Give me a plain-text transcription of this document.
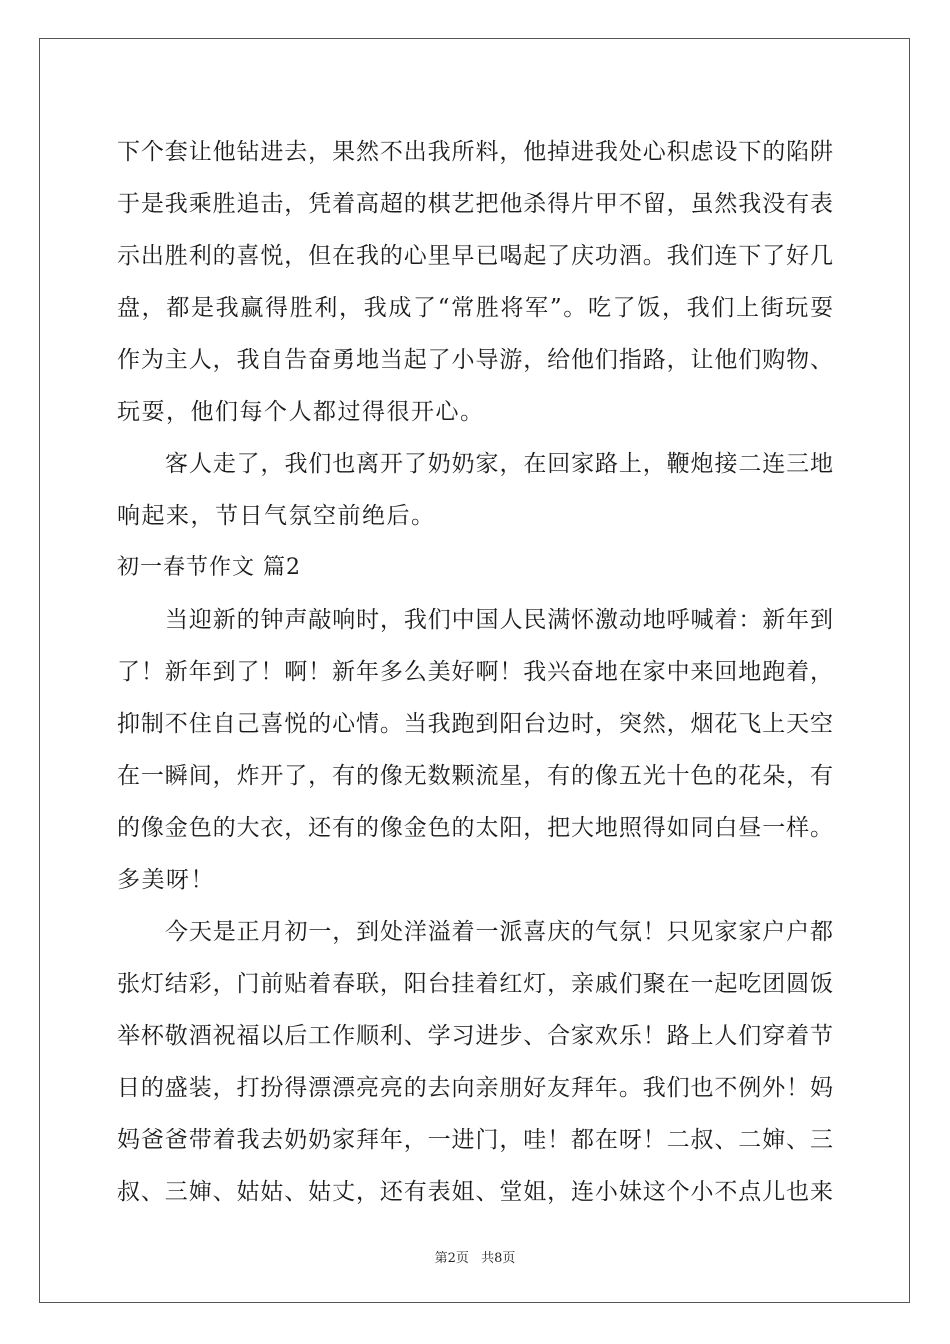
下个套让他钻进去，果然不出我所料，他掉进我处心积虑设下的陷阱
于是我乘胜追击，凭着高超的棋艺把他杀得片甲不留，虽然我没有表
示出胜利的喜悦，但在我的心里早已喝起了庆功酒。我们连下了好几
盘，都是我赢得胜利，我成了“常胜将军”。吃了饭，我们上街玩耍
作为主人，我自告奋勇地当起了小导游，给他们指路，让他们购物、
玩耍，他们每个人都过得很开心。
客人走了，我们也离开了奶奶家，在回家路上，鞭炮接二连三地
响起来，节日气氛空前绝后。
初一春节作文 篇2
当迎新的钟声敲响时，我们中国人民满怀激动地呼喊着：新年到
了！新年到了！啊！新年多么美好啊！我兴奋地在家中来回地跑着，
抑制不住自己喜悦的心情。当我跑到阳台边时，突然，烟花飞上天空
在一瞬间，炸开了，有的像无数颗流星，有的像五光十色的花朵，有
的像金色的大衣，还有的像金色的太阳，把大地照得如同白昼一样。
多美呀！
今天是正月初一，到处洋溢着一派喜庆的气氛！只见家家户户都
张灯结彩，门前贴着春联，阳台挂着红灯，亲戚们聚在一起吃团圆饭
举杯敬酒祝福以后工作顺利、学习进步、合家欢乐！路上人们穿着节
日的盛装，打扮得漂漂亮亮的去向亲朋好友拜年。我们也不例外！妈
妈爸爸带着我去奶奶家拜年，一进门，哇！都在呀！二叔、二婶、三
叔、三婶、姑姑、姑丈，还有表姐、堂姐，连小妹这个小不点儿也来
第2页 共8页
